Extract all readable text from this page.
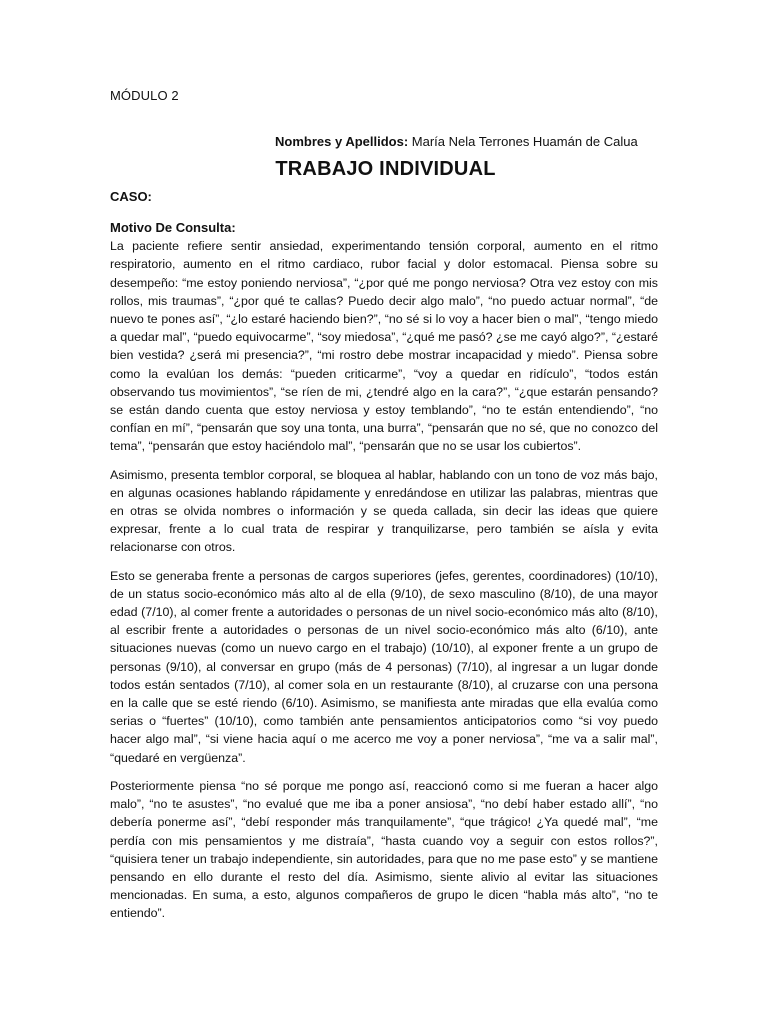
MÓDULO 2
Nombres y Apellidos: María Nela Terrones Huamán de Calua
TRABAJO INDIVIDUAL
CASO:

Motivo De Consulta:

La paciente refiere sentir ansiedad, experimentando tensión corporal, aumento en el ritmo respiratorio, aumento en el ritmo cardiaco, rubor facial y dolor estomacal. Piensa sobre su desempeño: “me estoy poniendo nerviosa”, “¿por qué me pongo nerviosa? Otra vez estoy con mis rollos, mis traumas”, “¿por qué te callas? Puedo decir algo malo”, “no puedo actuar normal”, “de nuevo te pones así”, “¿lo estaré haciendo bien?”, “no sé si lo voy a hacer bien o mal”, “tengo miedo a quedar mal”, “puedo equivocarme”, “soy miedosa”, “¿qué me pasó? ¿se me cayó algo?”, “¿estaré bien vestida? ¿será mi presencia?”, “mi rostro debe mostrar incapacidad y miedo”. Piensa sobre como la evalúan los demás: “pueden criticarme”, “voy a quedar en ridículo”, “todos están observando tus movimientos”, “se ríen de mi, ¿tendré algo en la cara?”, “¿que estarán pensando? se están dando cuenta que estoy nerviosa y estoy temblando”, “no te están entendiendo”, “no confían en mí”, “pensarán que soy una tonta, una burra”, “pensarán que no sé, que no conozco del tema”, “pensarán que estoy haciéndolo mal”, “pensarán que no se usar los cubiertos”.

Asimismo, presenta temblor corporal, se bloquea al hablar, hablando con un tono de voz más bajo, en algunas ocasiones hablando rápidamente y enredándose en utilizar las palabras, mientras que en otras se olvida nombres o información y se queda callada, sin decir las ideas que quiere expresar, frente a lo cual trata de respirar y tranquilizarse, pero también se aísla y evita relacionarse con otros.

Esto se generaba frente a personas de cargos superiores (jefes, gerentes, coordinadores) (10/10), de un status socio-económico más alto al de ella (9/10), de sexo masculino (8/10), de una mayor edad (7/10), al comer frente a autoridades o personas de un nivel socio-económico más alto (8/10), al escribir frente a autoridades o personas de un nivel socio-económico más alto (6/10), ante situaciones nuevas (como un nuevo cargo en el trabajo) (10/10), al exponer frente a un grupo de personas (9/10), al conversar en grupo (más de 4 personas) (7/10), al ingresar a un lugar donde todos están sentados (7/10), al comer sola en un restaurante (8/10), al cruzarse con una persona en la calle que se esté riendo (6/10). Asimismo, se manifiesta ante miradas que ella evalúa como serias o “fuertes” (10/10), como también ante pensamientos anticipatorios como “si voy puedo hacer algo mal”, “si viene hacia aquí o me acerco me voy a poner nerviosa”, “me va a salir mal”, “quedaré en vergüenza”.

Posteriormente piensa “no sé porque me pongo así, reaccionó como si me fueran a hacer algo malo”, “no te asustes”, “no evalué que me iba a poner ansiosa”, “no debí haber estado allí”, “no debería ponerme así”, “debí responder más tranquilamente”, “que trágico! ¿Ya quedé mal”, “me perdía con mis pensamientos y me distraía”, “hasta cuando voy a seguir con estos rollos?”, “quisiera tener un trabajo independiente, sin autoridades, para que no me pase esto” y se mantiene pensando en ello durante el resto del día. Asimismo, siente alivio al evitar las situaciones mencionadas. En suma, a esto, algunos compañeros de grupo le dicen “habla más alto”, “no te entiendo”.
